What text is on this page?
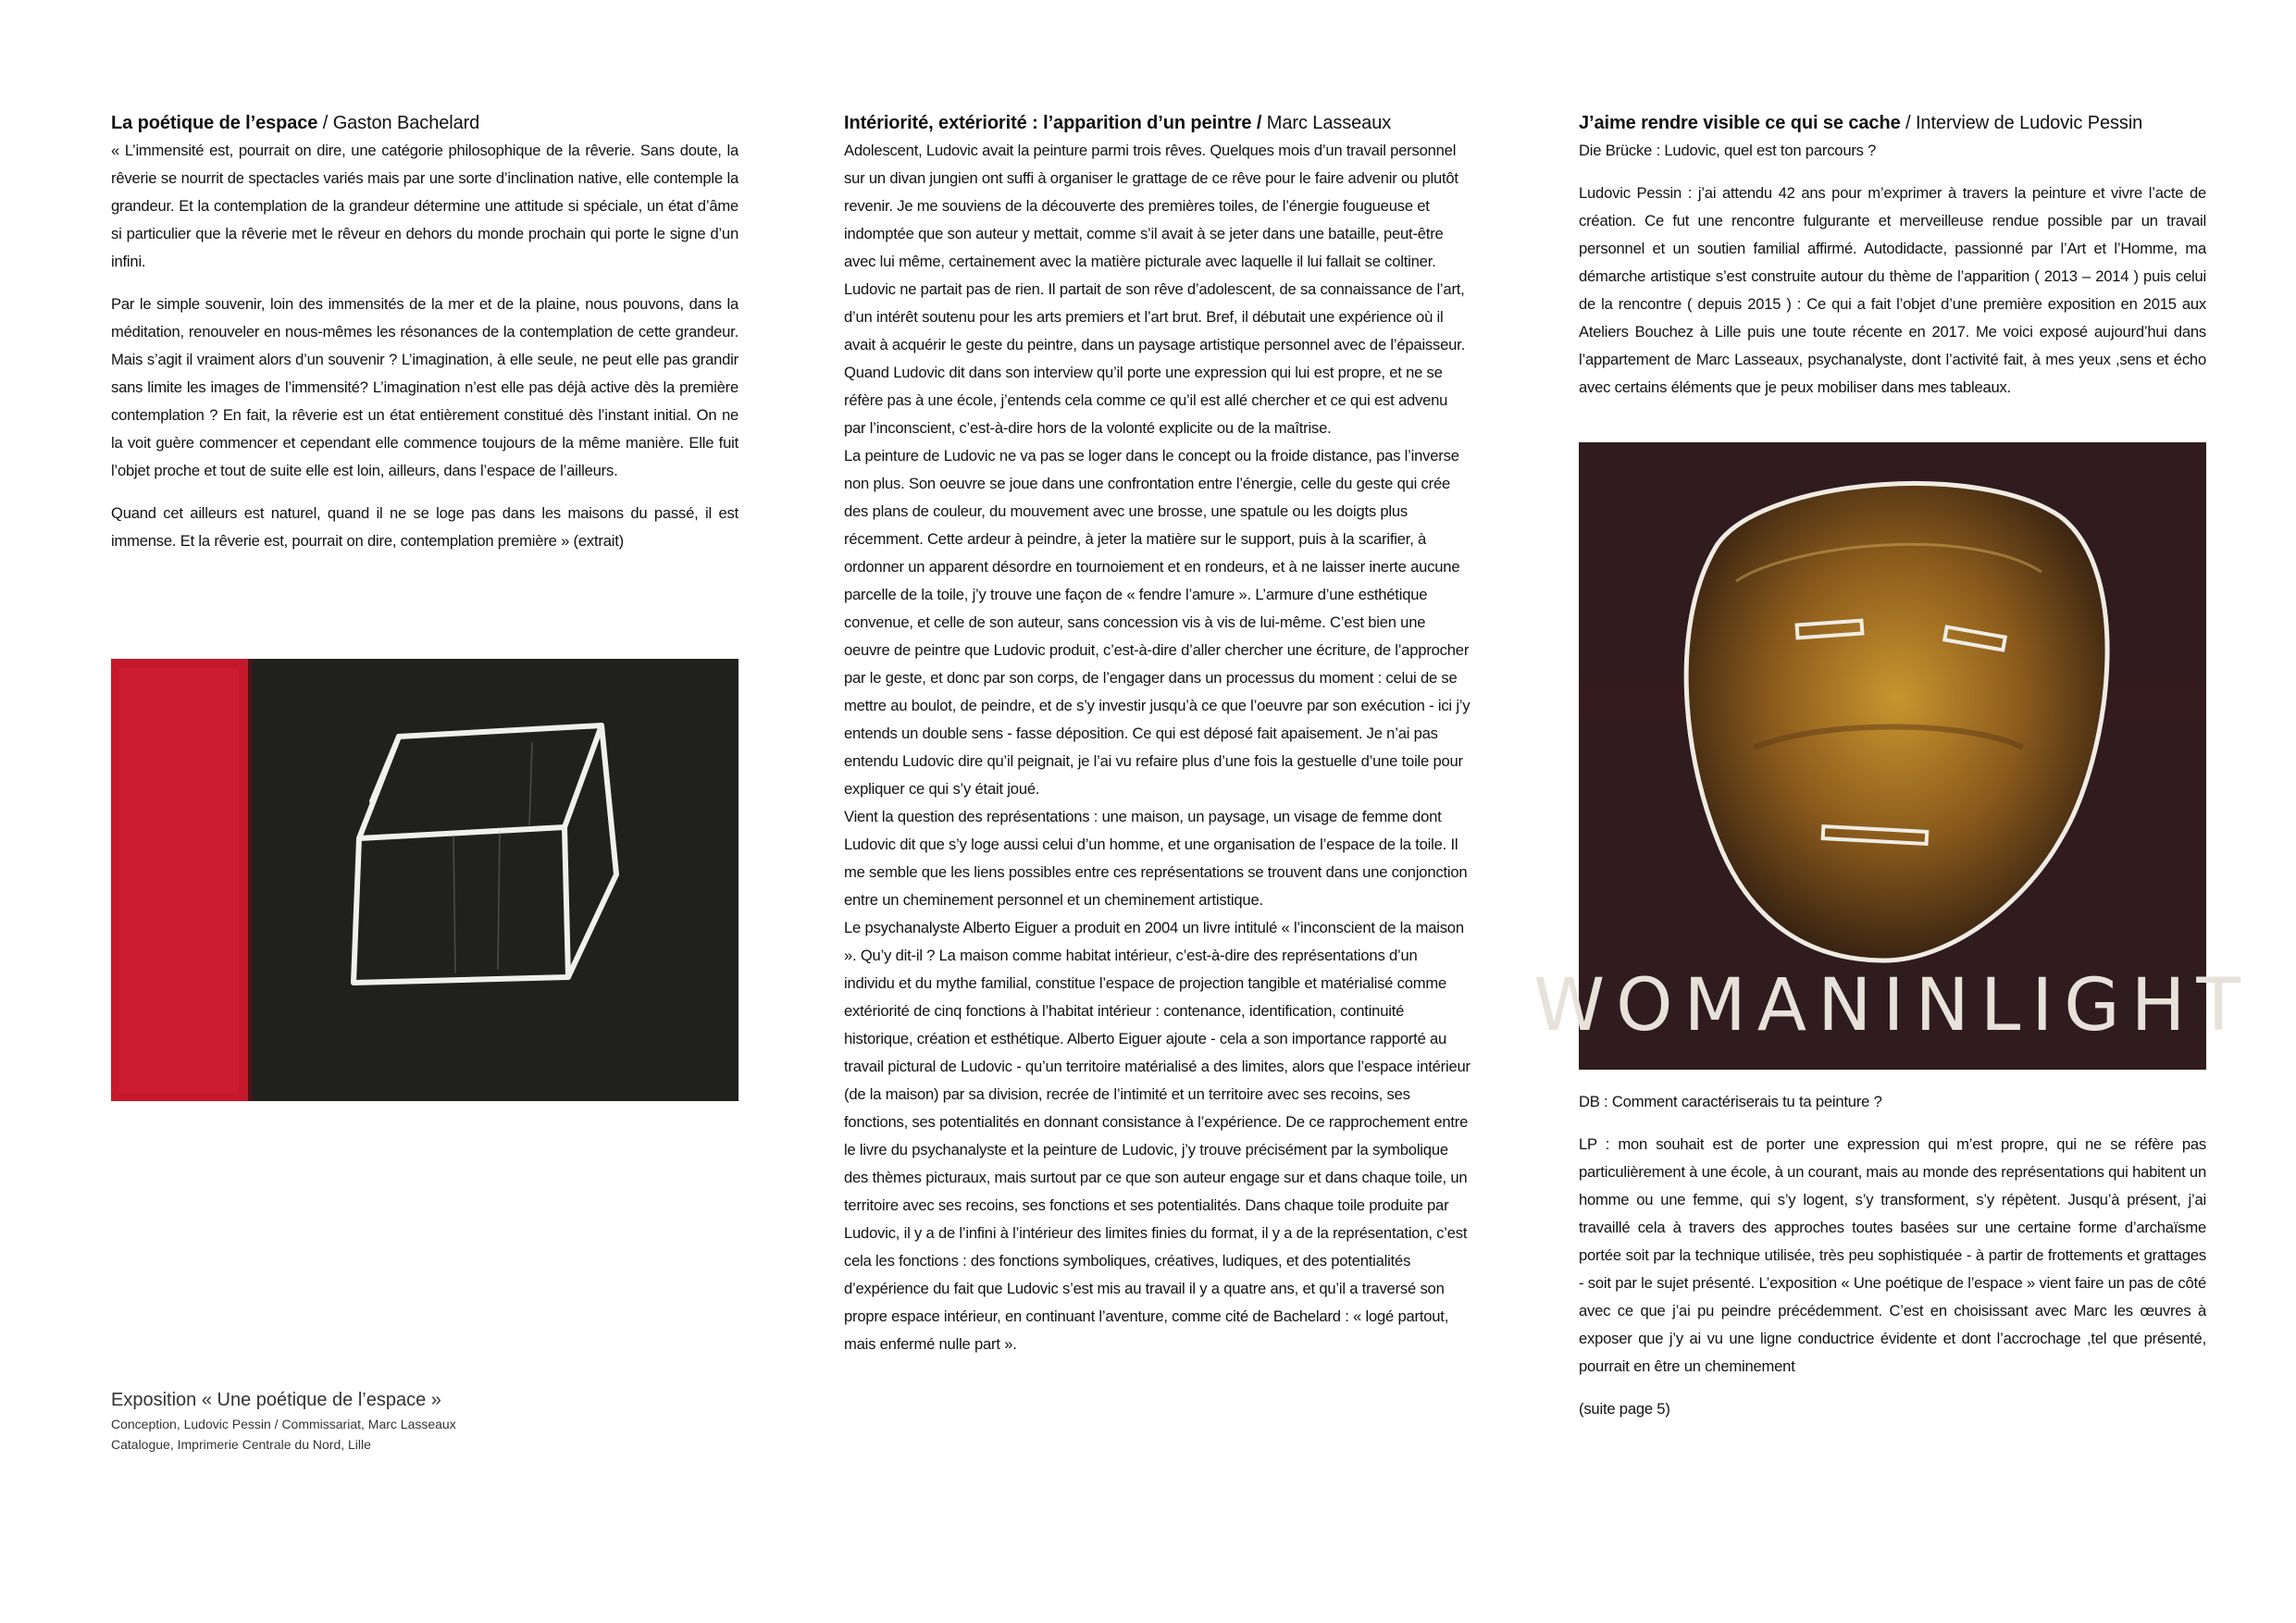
La poétique de l’espace / Gaston Bachelard

« L’immensité est, pourrait on dire, une catégorie philosophique de la rêverie. Sans doute, la rêverie se nourrit de spectacles variés mais par une sorte d’inclination native, elle contemple la grandeur. Et la contemplation de la grandeur détermine une attitude si spéciale, un état d’âme si particulier que la rêverie met le rêveur en dehors du monde prochain qui porte le signe d’un infini.

Par le simple souvenir, loin des immensités de la mer et de la plaine, nous pouvons, dans la méditation, renouveler en nous-mêmes les résonances de la contemplation de cette grandeur. Mais s’agit il vraiment alors d’un souvenir ? L’imagination, à elle seule, ne peut elle pas grandir sans limite les images de l’immensité? L’imagination n’est elle pas déjà active dès la première contemplation ? En fait, la rêverie est un état entièrement constitué dès l’instant initial. On ne la voit guère commencer et cependant elle commence toujours de la même manière. Elle fuit l’objet proche et tout de suite elle est loin, ailleurs, dans l’espace de l’ailleurs.

Quand cet ailleurs est naturel, quand il ne se loge pas dans les maisons du passé, il est immense. Et la rêverie est, pourrait on dire, contemplation première » (extrait)

Exposition « Une poétique de l’espace »

Conception, Ludovic Pessin / Commissariat, Marc Lasseaux

Catalogue, Imprimerie Centrale du Nord, Lille

Intériorité, extériorité : l’apparition d’un peintre / Marc Lasseaux

Adolescent, Ludovic avait la peinture parmi trois rêves. Quelques mois d’un travail personnel sur un divan jungien ont suffi à organiser le grattage de ce rêve pour le faire advenir ou plutôt revenir. Je me souviens de la découverte des premières toiles, de l’énergie fougueuse et indomptée que son auteur y mettait, comme s’il avait à se jeter dans une bataille, peut-être avec lui même, certainement avec la matière picturale avec laquelle il lui fallait se coltiner. Ludovic ne partait pas de rien. Il partait de son rêve d’adolescent, de sa connaissance de l’art, d’un intérêt soutenu pour les arts premiers et l’art brut. Bref, il débutait une expérience où il avait à acquérir le geste du peintre, dans un paysage artistique personnel avec de l’épaisseur.

Quand Ludovic dit dans son interview qu’il porte une expression qui lui est propre, et ne se réfère pas à une école, j’entends cela comme ce qu’il est allé chercher et ce qui est advenu par l’inconscient, c’est-à-dire hors de la volonté explicite ou de la maîtrise.

La peinture de Ludovic ne va pas se loger dans le concept ou la froide distance, pas l’inverse non plus. Son oeuvre se joue dans une confrontation entre l’énergie, celle du geste qui crée des plans de couleur, du mouvement avec une brosse, une spatule ou les doigts plus récemment. Cette ardeur à peindre, à jeter la matière sur le support, puis à la scarifier, à ordonner un apparent désordre en tournoiement et en rondeurs, et à ne laisser inerte aucune parcelle de la toile, j’y trouve une façon de « fendre l’amure ». L’armure d’une esthétique convenue, et celle de son auteur, sans concession vis à vis de lui-même. C’est bien une oeuvre de peintre que Ludovic produit, c’est-à-dire d’aller chercher une écriture, de l’approcher par le geste, et donc par son corps, de l’engager dans un processus du moment : celui de se mettre au boulot, de peindre, et de s’y investir jusqu’à ce que l’oeuvre par son exécution - ici j’y entends un double sens - fasse déposition. Ce qui est déposé fait apaisement. Je n’ai pas entendu Ludovic dire qu’il peignait, je l’ai vu refaire plus d’une fois la gestuelle d’une toile pour expliquer ce qui s’y était joué.

Vient la question des représentations : une maison, un paysage, un visage de femme dont Ludovic dit que s’y loge aussi celui d’un homme, et une organisation de l’espace de la toile. Il me semble que les liens possibles entre ces représentations se trouvent dans une conjonction entre un cheminement personnel et un cheminement artistique.

Le psychanalyste Alberto Eiguer a produit en 2004 un livre intitulé « l’inconscient de la maison ». Qu’y dit-il ? La maison comme habitat intérieur, c’est-à-dire des représentations d’un individu et du mythe familial, constitue l’espace de projection tangible et matérialisé comme extériorité de cinq fonctions à l’habitat intérieur : contenance, identification, continuité historique, création et esthétique. Alberto Eiguer ajoute - cela a son importance rapporté au travail pictural de Ludovic - qu’un territoire matérialisé a des limites, alors que l’espace intérieur (de la maison) par sa division, recrée de l’intimité et un territoire avec ses recoins, ses fonctions, ses potentialités en donnant consistance à l’expérience. De ce rapprochement entre le livre du psychanalyste et la peinture de Ludovic, j’y trouve précisément par la symbolique des thèmes picturaux, mais surtout par ce que son auteur engage sur et dans chaque toile, un territoire avec ses recoins, ses fonctions et ses potentialités. Dans chaque toile produite par Ludovic, il y a de l’infini à l’intérieur des limites finies du format, il y a de la représentation, c’est cela les fonctions : des fonctions symboliques, créatives, ludiques, et des potentialités d’expérience du fait que Ludovic s’est mis au travail il y a quatre ans, et qu’il a traversé son propre espace intérieur, en continuant l’aventure, comme cité de Bachelard : « logé partout, mais enfermé nulle part ».

J’aime rendre visible ce qui se cache / Interview de Ludovic Pessin

Die Brücke : Ludovic, quel est ton parcours ?

Ludovic Pessin : j’ai attendu 42 ans pour m’exprimer à travers la peinture et vivre l’acte de création. Ce fut une rencontre fulgurante et merveilleuse rendue possible par un travail personnel et un soutien familial affirmé. Autodidacte, passionné par l’Art et l’Homme, ma démarche artistique s’est construite autour du thème de l’apparition ( 2013 – 2014 ) puis celui de la rencontre ( depuis 2015 ) : Ce qui a fait l’objet d’une première exposition en 2015 aux Ateliers Bouchez à Lille puis une toute récente en 2017. Me voici exposé aujourd’hui dans l’appartement de Marc Lasseaux, psychanalyste, dont l’activité fait, à mes yeux ,sens et écho avec certains éléments que je peux mobiliser dans mes tableaux.

WOMANINLIGHT

DB : Comment caractériserais tu ta peinture ?

LP : mon souhait est de porter une expression qui m’est propre, qui ne se réfère pas particulièrement à une école, à un courant, mais au monde des représentations qui habitent un homme ou une femme, qui s’y logent, s’y transforment, s’y répètent. Jusqu’à présent, j’ai travaillé cela à travers des approches toutes basées sur une certaine forme d’archaïsme portée soit par la technique utilisée, très peu sophistiquée - à partir de frottements et grattages - soit par le sujet présenté. L’exposition « Une poétique de l’espace » vient faire un pas de côté avec ce que j’ai pu peindre précédemment. C’est en choisissant avec Marc les œuvres à exposer que j’y ai vu une ligne conductrice évidente et dont l’accrochage ,tel que présenté, pourrait en être un cheminement

(suite page 5)
